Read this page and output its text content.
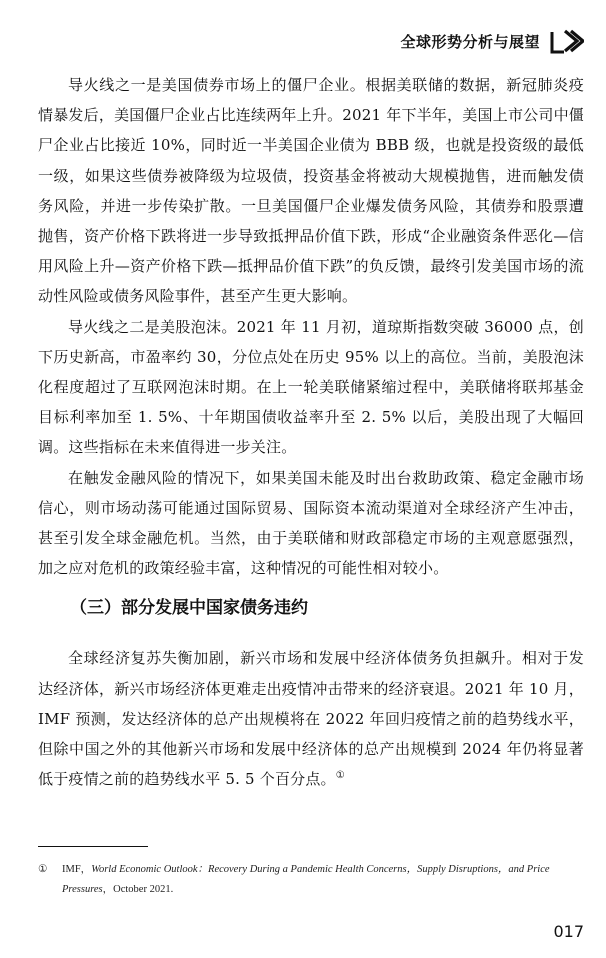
全球形势分析与展望

导火线之一是美国债券市场上的僵尸企业。根据美联储的数据，新冠肺炎疫情暴发后，美国僵尸企业占比连续两年上升。2021 年下半年，美国上市公司中僵尸企业占比接近 10%，同时近一半美国企业债为 BBB 级，也就是投资级的最低一级，如果这些债券被降级为垃圾债，投资基金将被动大规模抛售，进而触发债务风险，并进一步传染扩散。一旦美国僵尸企业爆发债务风险，其债券和股票遭抛售，资产价格下跌将进一步导致抵押品价值下跌，形成“企业融资条件恶化—信用风险上升—资产价格下跌—抵押品价值下跌”的负反馈，最终引发美国市场的流动性风险或债务风险事件，甚至产生更大影响。

导火线之二是美股泡沫。2021 年 11 月初，道琼斯指数突破 36000 点，创下历史新高，市盈率约 30，分位点处在历史 95% 以上的高位。当前，美股泡沫化程度超过了互联网泡沫时期。在上一轮美联储紧缩过程中，美联储将联邦基金目标利率加至 1. 5%、十年期国债收益率升至 2. 5% 以后，美股出现了大幅回调。这些指标在未来值得进一步关注。

在触发金融风险的情况下，如果美国未能及时出台救助政策、稳定金融市场信心，则市场动荡可能通过国际贸易、国际资本流动渠道对全球经济产生冲击，甚至引发全球金融危机。当然，由于美联储和财政部稳定市场的主观意愿强烈，加之应对危机的政策经验丰富，这种情况的可能性相对较小。

（三）部分发展中国家债务违约

全球经济复苏失衡加剧，新兴市场和发展中经济体债务负担飙升。相对于发达经济体，新兴市场经济体更难走出疫情冲击带来的经济衰退。2021 年 10 月，IMF 预测，发达经济体的总产出规模将在 2022 年回归疫情之前的趋势线水平，但除中国之外的其他新兴市场和发展中经济体的总产出规模到 2024 年仍将显著低于疫情之前的趋势线水平 5. 5 个百分点。①

① IMF，World Economic Outlook：Recovery During a Pandemic Health Concerns，Supply Disruptions，and Price Pressures，October 2021.
017
